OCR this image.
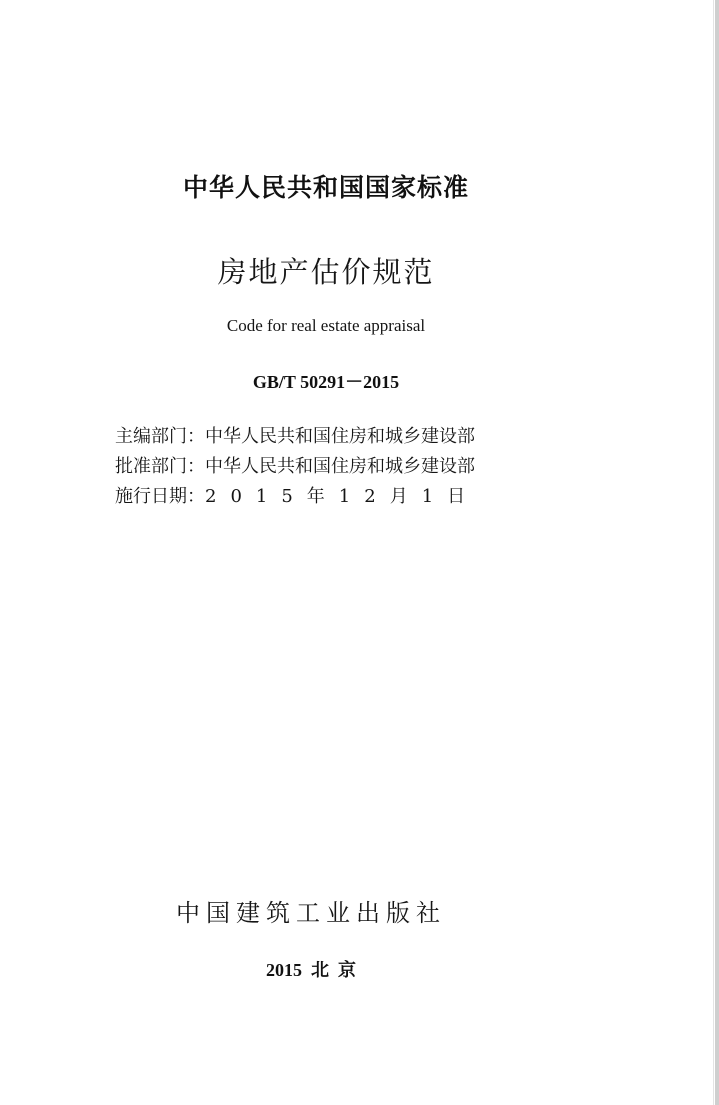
中华人民共和国国家标准
房地产估价规范
Code for real estate appraisal
GB/T 50291－2015
主编部门：中华人民共和国住房和城乡建设部
批准部门：中华人民共和国住房和城乡建设部
施行日期：2015年12月1日
中国建筑工业出版社
2015  北  京
